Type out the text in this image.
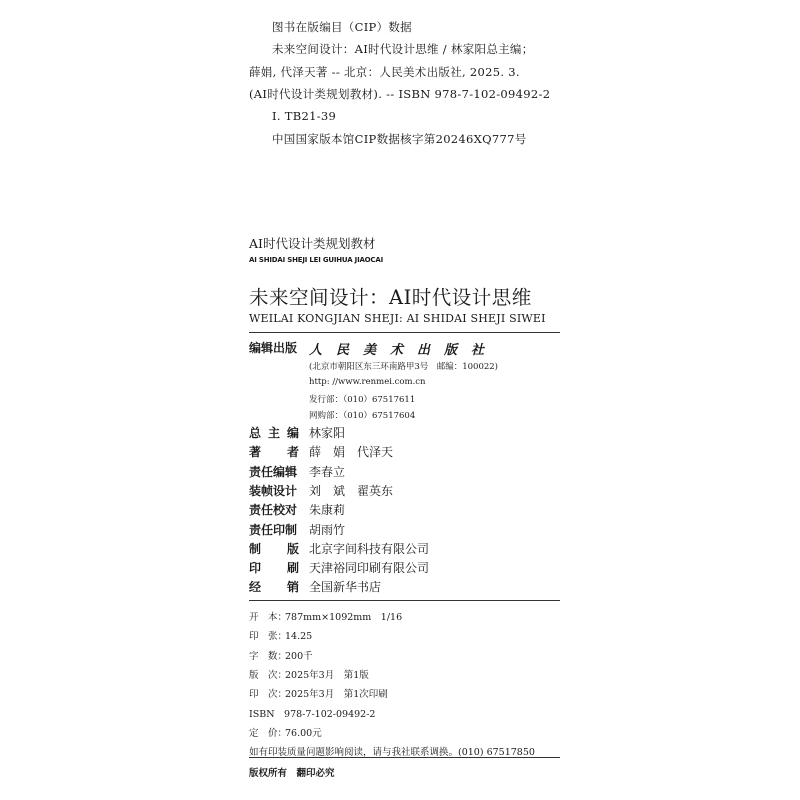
图书在版编目（CIP）数据
未来空间设计：AI时代设计思维 / 林家阳总主编；
薛娟, 代泽天著 -- 北京：人民美术出版社, 2025. 3.
(AI时代设计类规划教材). -- ISBN 978-7-102-09492-2
I. TB21-39
中国国家版本馆CIP数据核字第20246XQ777号
AI时代设计类规划教材
AI SHIDAI SHEJI LEI GUIHUA JIAOCAI
未来空间设计：AI时代设计思维
WEILAI KONGJIAN SHEJI: AI SHIDAI SHEJI SIWEI
编辑出版 人民美术出版社
(北京市朝阳区东三环南路甲3号　邮编：100022)
http: //www.renmei.com.cn
发行部：（010）67517611
网购部：（010）67517604
总 主 编 林家阳
著 者 薛　娟　代泽天
责任编辑 李春立
装帧设计 刘　斌　翟英东
责任校对 朱康莉
责任印制 胡雨竹
制 版 北京字间科技有限公司
印 刷 天津裕同印刷有限公司
经 销 全国新华书店
开　本：787mm×1092mm　1/16
印　张：14.25
字　数：200千
版　次：2025年3月　第1版
印　次：2025年3月　第1次印刷
ISBN　978-7-102-09492-2
定　价：76.00元
如有印装质量问题影响阅读，请与我社联系调换。(010) 67517850
版权所有　翻印必究
